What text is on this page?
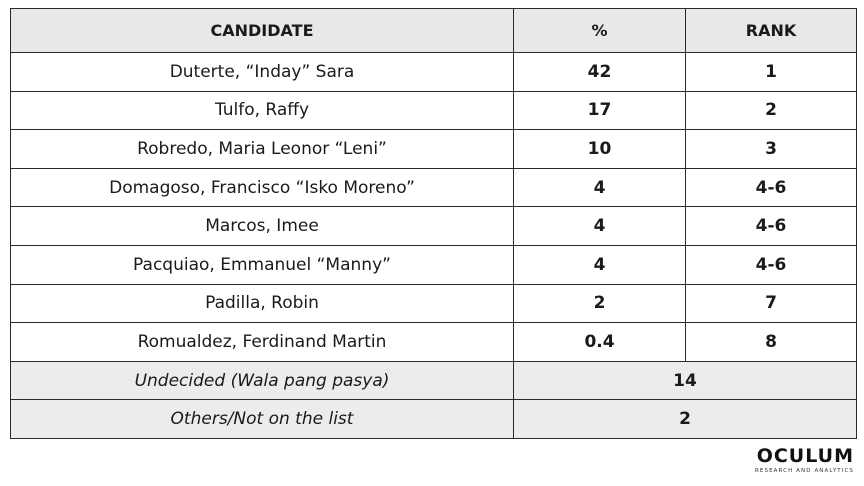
CANDIDATE	%	RANK
Duterte, “Inday” Sara	42	1
Tulfo, Raffy	17	2
Robredo, Maria Leonor “Leni”	10	3
Domagoso, Francisco “Isko Moreno”	4	4-6
Marcos, Imee	4	4-6
Pacquiao, Emmanuel “Manny”	4	4-6
Padilla, Robin	2	7
Romualdez, Ferdinand Martin	0.4	8
Undecided (Wala pang pasya)	14	
Others/Not on the list	2	
OCULUM
RESEARCH AND ANALYTICS
